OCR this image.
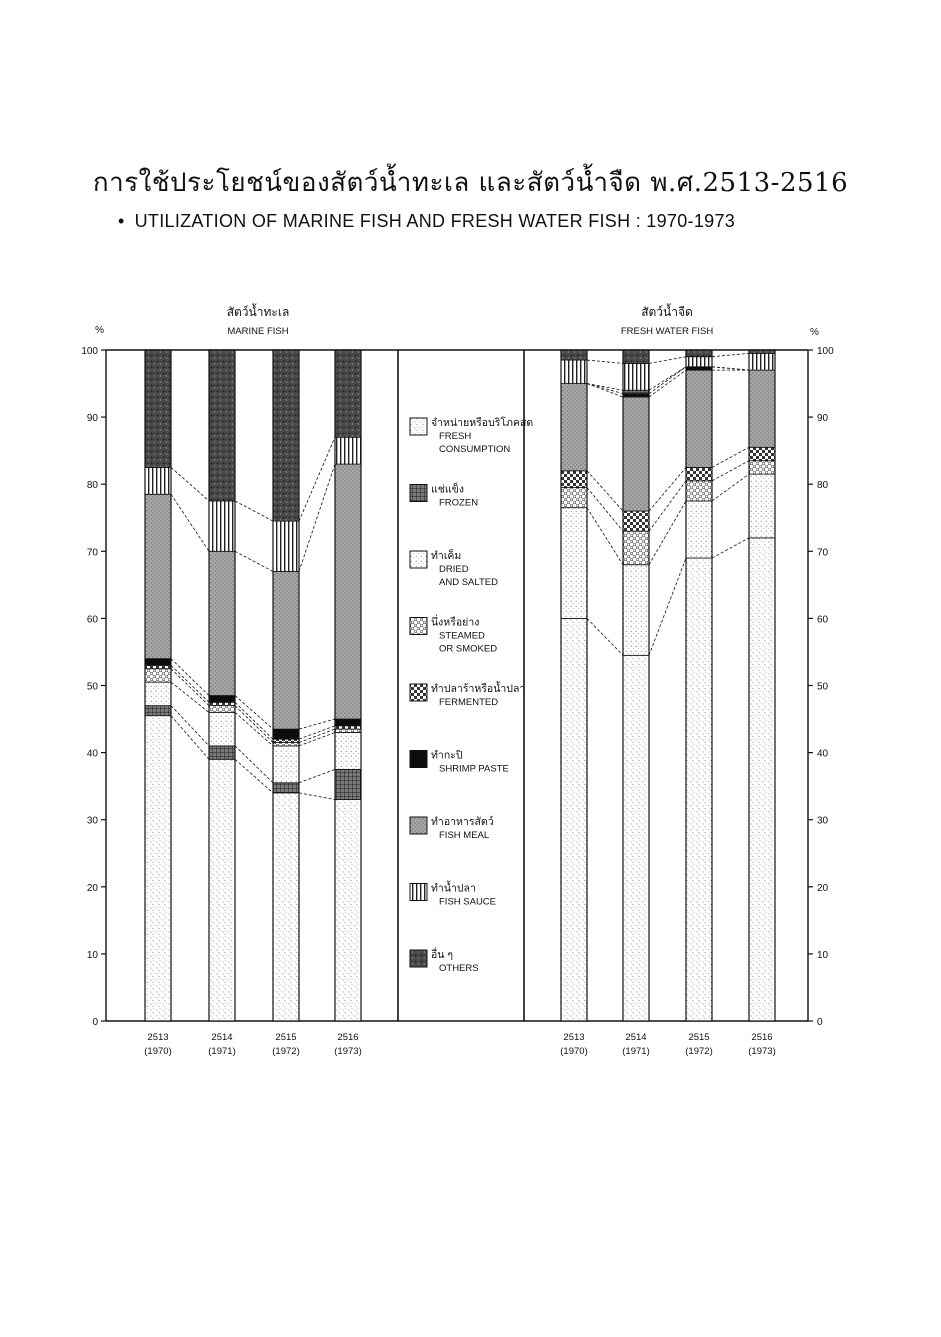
การใช้ประโยชน์ของสัตว์น้ำทะเล และสัตว์น้ำจืด พ.ศ.2513-2516
• UTILIZATION OF MARINE FISH AND FRESH WATER FISH : 1970-1973
0	0
10	10
20	20
30	30
40	40
50	50
60	60
70	70
80	80
90	90
100	100
%	%
สัตว์น้ำทะเล
MARINE FISH
สัตว์น้ำจืด
FRESH WATER FISH
2513
(1970)
2514
(1971)
2515
(1972)
2516
(1973)
2513
(1970)
2514
(1971)
2515
(1972)
2516
(1973)
จำหน่ายหรือบริโภคสด
FRESH
CONSUMPTION
แช่แข็ง
FROZEN
ทำเค็ม
DRIED
AND SALTED
นึ่งหรือย่าง
STEAMED
OR SMOKED
ทำปลาร้าหรือน้ำปลา
FERMENTED
ทำกะปิ
SHRIMP PASTE
ทำอาหารสัตว์
FISH MEAL
ทำน้ำปลา
FISH SAUCE
อื่น ๆ
OTHERS
